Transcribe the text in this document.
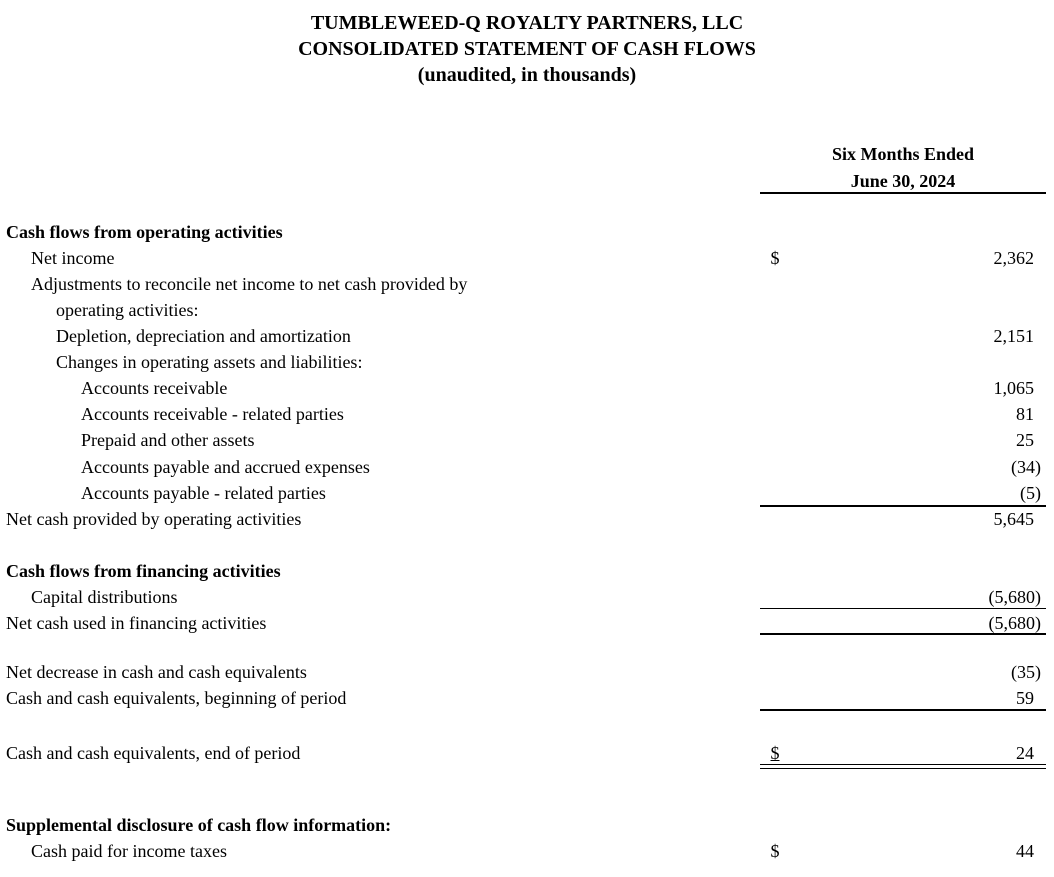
TUMBLEWEED-Q ROYALTY PARTNERS, LLC
CONSOLIDATED STATEMENT OF CASH FLOWS
(unaudited, in thousands)
Six Months Ended
June 30, 2024
Cash flows from operating activities
Net income	$	2,362
Adjustments to reconcile net income to net cash provided by
operating activities:
Depletion, depreciation and amortization	2,151
Changes in operating assets and liabilities:
Accounts receivable	1,065
Accounts receivable - related parties	81
Prepaid and other assets	25
Accounts payable and accrued expenses	(34)
Accounts payable - related parties	(5)
Net cash provided by operating activities	5,645
Cash flows from financing activities
Capital distributions	(5,680)
Net cash used in financing activities	(5,680)
Net decrease in cash and cash equivalents	(35)
Cash and cash equivalents, beginning of period	59
Cash and cash equivalents, end of period	$	24
Supplemental disclosure of cash flow information:
Cash paid for income taxes	$	44
